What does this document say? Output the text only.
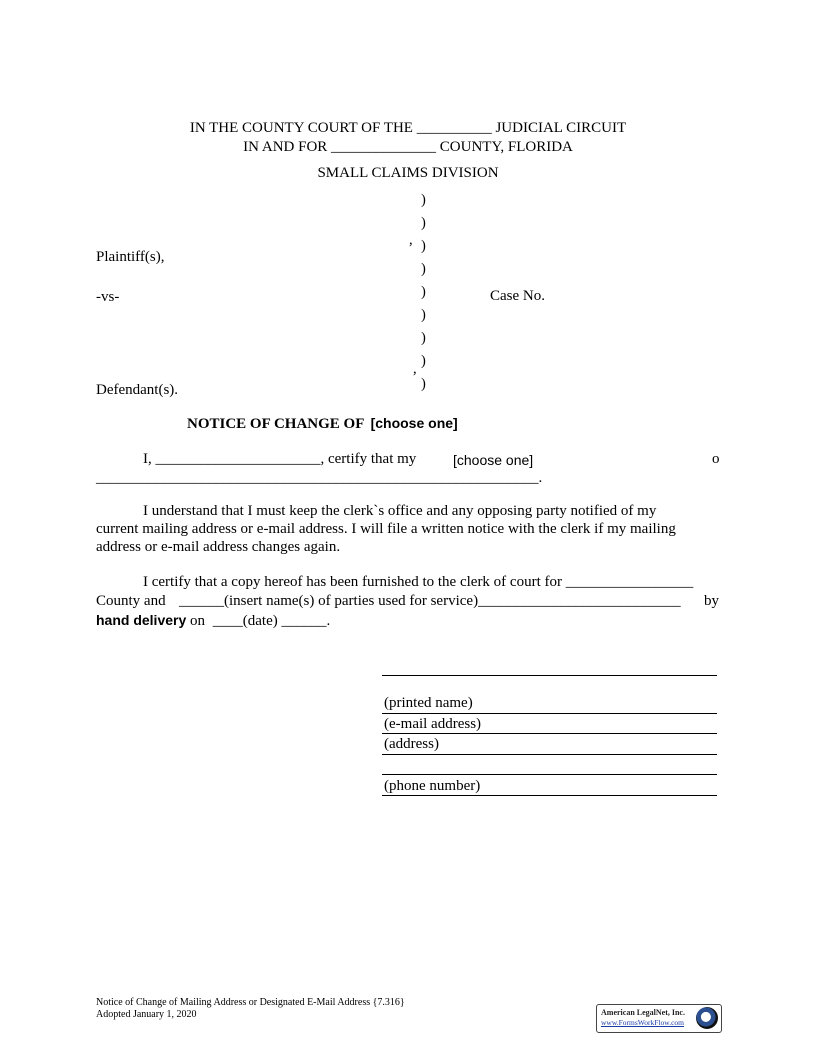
IN THE COUNTY COURT OF THE __________ JUDICIAL CIRCUIT
IN AND FOR ______________ COUNTY, FLORIDA
SMALL CLAIMS DIVISION
)
)
, )
)
)
)
)
)
,
)
Plaintiff(s),
-vs-	Case No.
Defendant(s).
NOTICE OF CHANGE OF [choose one]
I, ______________________, certify that my	[choose one]	o
___________________________________________________________.
I understand that I must keep the clerk`s office and any opposing party notified of my
current mailing address or e-mail address. I will file a written notice with the clerk if my mailing
address or e-mail address changes again.
I certify that a copy hereof has been furnished to the clerk of court for _________________
County and ______(insert name(s) of parties used for service)___________________________ by
hand delivery on ____(date) ______.
(printed name)
(e-mail address)
(address)
(phone number)
Notice of Change of Mailing Address or Designated E-Mail Address {7.316}
Adopted January 1, 2020	American LegalNet, Inc.
www.FormsWorkFlow.com
